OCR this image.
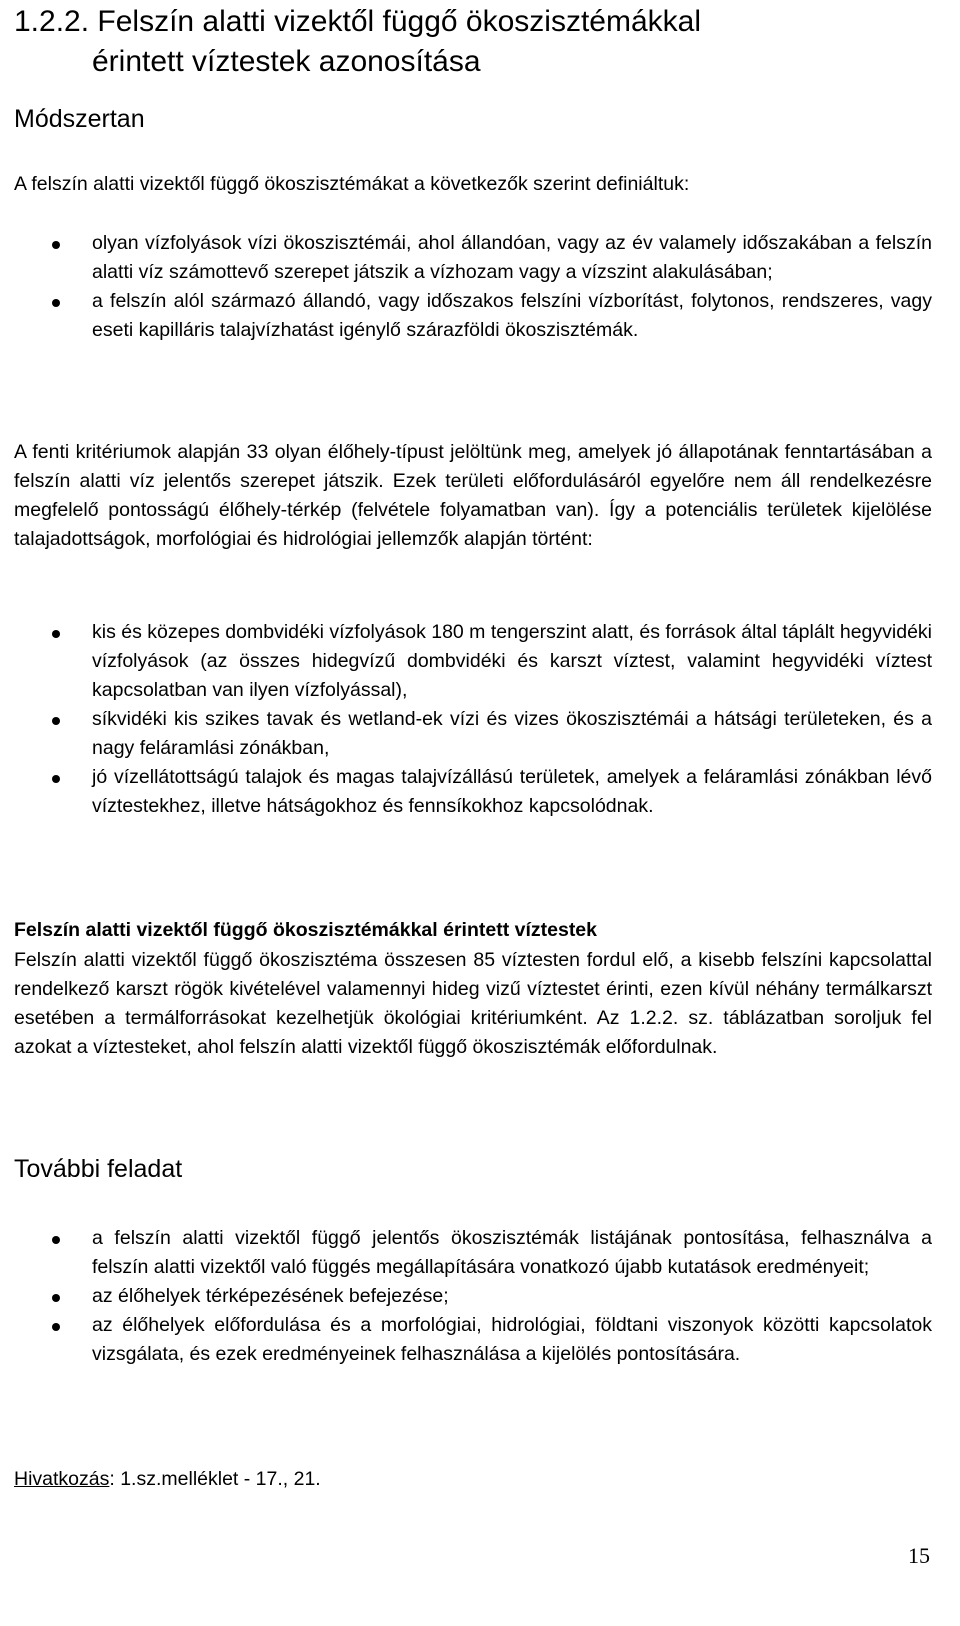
1.2.2. Felszín alatti vizektől függő ökoszisztémákkal
érintett víztestek azonosítása
Módszertan

A felszín alatti vizektől függő ökoszisztémákat a következők szerint definiáltuk:

olyan vízfolyások vízi ökoszisztémái, ahol állandóan, vagy az év valamely időszakában a felszín alatti víz számottevő szerepet játszik a vízhozam vagy a vízszint alakulásában;
a felszín alól származó állandó, vagy időszakos felszíni vízborítást, folytonos, rendszeres, vagy eseti kapilláris talajvízhatást igénylő szárazföldi ökoszisztémák.

A fenti kritériumok alapján 33 olyan élőhely-típust jelöltünk meg, amelyek jó állapotának fenntartásában a felszín alatti víz jelentős szerepet játszik. Ezek területi előfordulásáról egyelőre nem áll rendelkezésre megfelelő pontosságú élőhely-térkép (felvétele folyamatban van). Így a potenciális területek kijelölése talajadottságok, morfológiai és hidrológiai jellemzők alapján történt:

kis és közepes dombvidéki vízfolyások 180 m tengerszint alatt, és források által táplált hegyvidéki vízfolyások (az összes hidegvízű dombvidéki és karszt víztest, valamint hegyvidéki víztest kapcsolatban van ilyen vízfolyással),
síkvidéki kis szikes tavak és wetland-ek vízi és vizes ökoszisztémái a hátsági területeken, és a nagy feláramlási zónákban,
jó vízellátottságú talajok és magas talajvízállású területek, amelyek a feláramlási zónákban lévő víztestekhez, illetve hátságokhoz és fennsíkokhoz kapcsolódnak.

Felszín alatti vizektől függő ökoszisztémákkal érintett víztestek

Felszín alatti vizektől függő ökoszisztéma összesen 85 víztesten fordul elő, a kisebb felszíni kapcsolattal rendelkező karszt rögök kivételével valamennyi hideg vizű víztestet érinti, ezen kívül néhány termálkarszt esetében a termálforrásokat kezelhetjük ökológiai kritériumként. Az 1.2.2. sz. táblázatban soroljuk fel azokat a víztesteket, ahol felszín alatti vizektől függő ökoszisztémák előfordulnak.

További feladat
a felszín alatti vizektől függő jelentős ökoszisztémák listájának pontosítása, felhasználva a felszín alatti vizektől való függés megállapítására vonatkozó újabb kutatások eredményeit;
az élőhelyek térképezésének befejezése;
az élőhelyek előfordulása és a morfológiai, hidrológiai, földtani viszonyok közötti kapcsolatok vizsgálata, és ezek eredményeinek felhasználása a kijelölés pontosítására.
Hivatkozás: 1.sz.melléklet - 17., 21.
15
